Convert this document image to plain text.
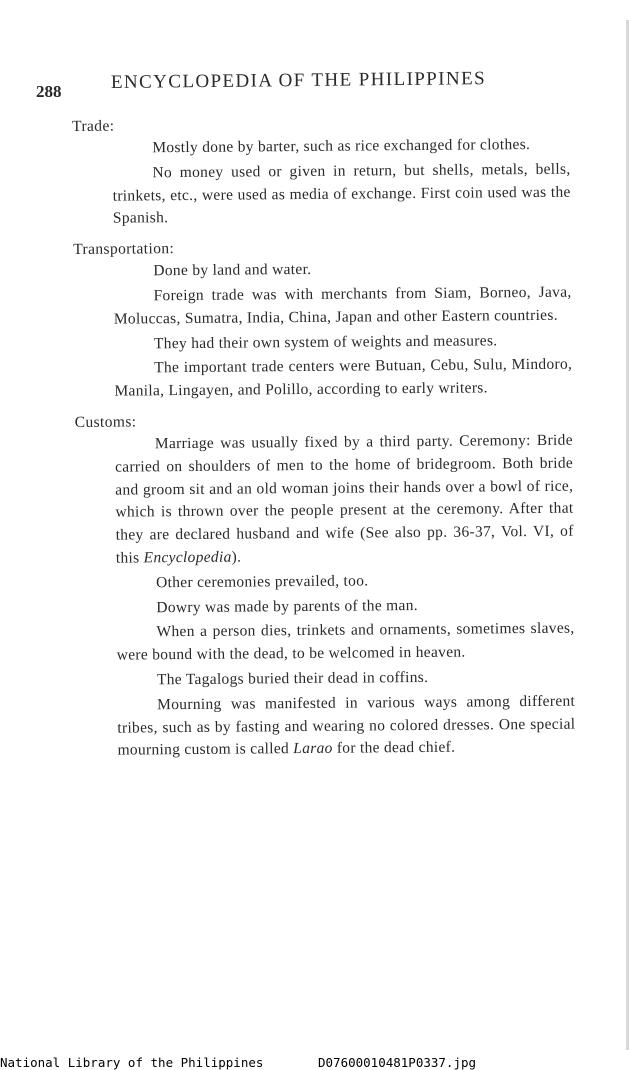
288	ENCYCLOPEDIA OF THE PHILIPPINES
Trade:

Mostly done by barter, such as rice exchanged for clothes.

No money used or given in return, but shells, metals, bells, trinkets, etc., were used as media of exchange. First coin used was the Spanish.

Transportation:

Done by land and water.

Foreign trade was with merchants from Siam, Borneo, Java, Moluccas, Sumatra, India, China, Japan and other Eastern countries.

They had their own system of weights and measures.

The important trade centers were Butuan, Cebu, Sulu, Mindoro, Manila, Lingayen, and Polillo, according to early writers.

Customs:

Marriage was usually fixed by a third party. Ceremony: Bride carried on shoulders of men to the home of bridegroom. Both bride and groom sit and an old woman joins their hands over a bowl of rice, which is thrown over the people present at the ceremony. After that they are declared husband and wife (See also pp. 36-37, Vol. VI, of this Encyclopedia).

Other ceremonies prevailed, too.

Dowry was made by parents of the man.

When a person dies, trinkets and ornaments, sometimes slaves, were bound with the dead, to be welcomed in heaven.

The Tagalogs buried their dead in coffins.

Mourning was manifested in various ways among different tribes, such as by fasting and wearing no colored dresses. One special mourning custom is called Larao for the dead chief.

National Library of the Philippines	D07600010481P0337.jpg
